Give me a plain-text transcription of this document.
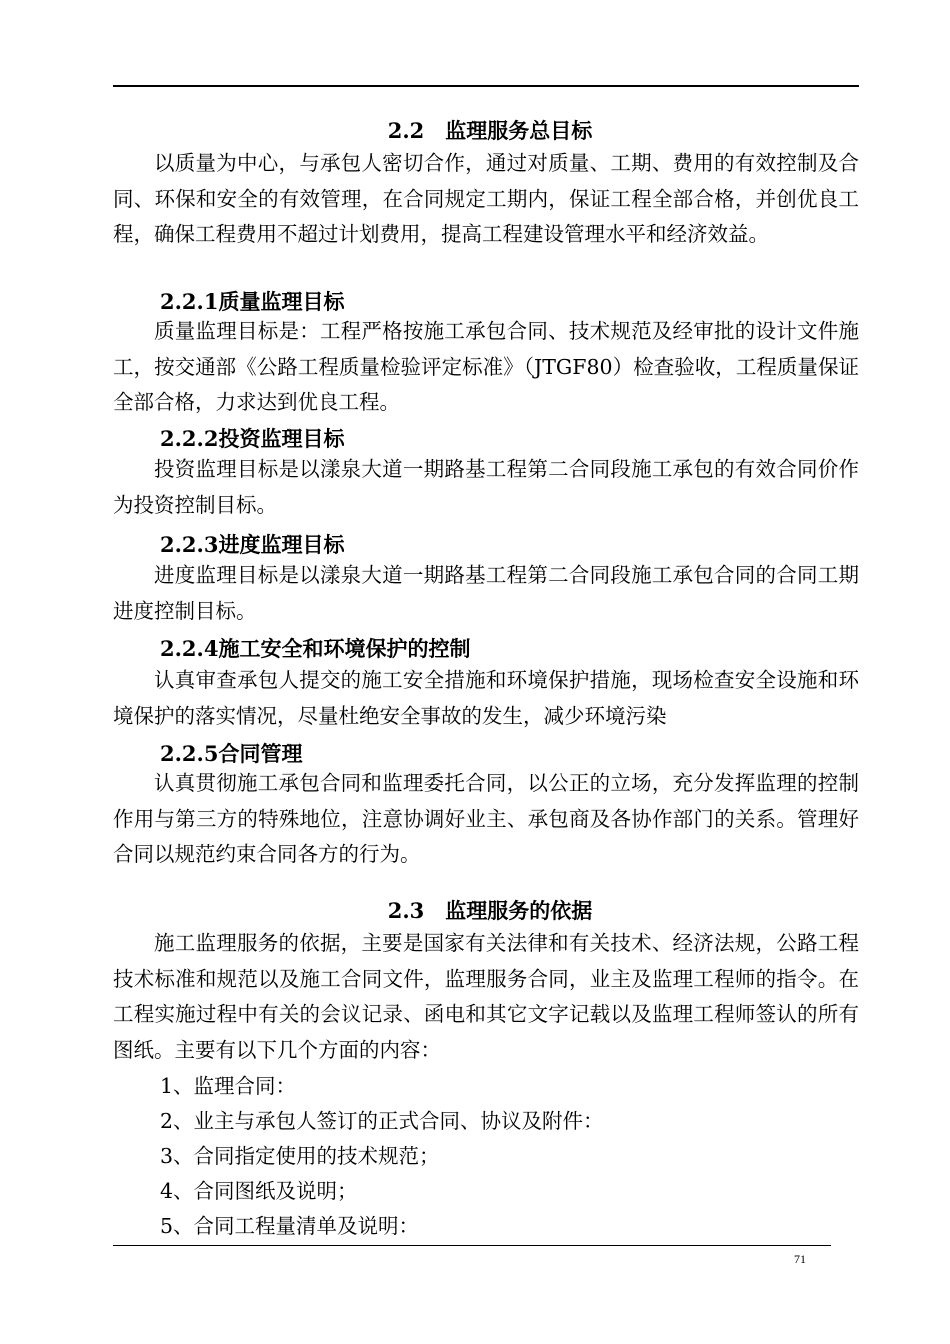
2.2　监理服务总目标
以质量为中心，与承包人密切合作，通过对质量、工期、费用的有效控制及合同、环保和安全的有效管理，在合同规定工期内，保证工程全部合格，并创优良工程，确保工程费用不超过计划费用，提高工程建设管理水平和经济效益。
2.2.1质量监理目标
质量监理目标是：工程严格按施工承包合同、技术规范及经审批的设计文件施工，按交通部《公路工程质量检验评定标准》（JTGF80）检查验收，工程质量保证全部合格，力求达到优良工程。
2.2.2投资监理目标
投资监理目标是以漾泉大道一期路基工程第二合同段施工承包的有效合同价作为投资控制目标。
2.2.3进度监理目标
进度监理目标是以漾泉大道一期路基工程第二合同段施工承包合同的合同工期进度控制目标。
2.2.4施工安全和环境保护的控制
认真审查承包人提交的施工安全措施和环境保护措施，现场检查安全设施和环境保护的落实情况，尽量杜绝安全事故的发生，减少环境污染
2.2.5合同管理
认真贯彻施工承包合同和监理委托合同，以公正的立场，充分发挥监理的控制作用与第三方的特殊地位，注意协调好业主、承包商及各协作部门的关系。管理好合同以规范约束合同各方的行为。
2.3　监理服务的依据
施工监理服务的依据，主要是国家有关法律和有关技术、经济法规，公路工程技术标准和规范以及施工合同文件，监理服务合同，业主及监理工程师的指令。在工程实施过程中有关的会议记录、函电和其它文字记载以及监理工程师签认的所有图纸。主要有以下几个方面的内容：
1、监理合同：
2、业主与承包人签订的正式合同、协议及附件：
3、合同指定使用的技术规范；
4、合同图纸及说明；
5、合同工程量清单及说明：
71
